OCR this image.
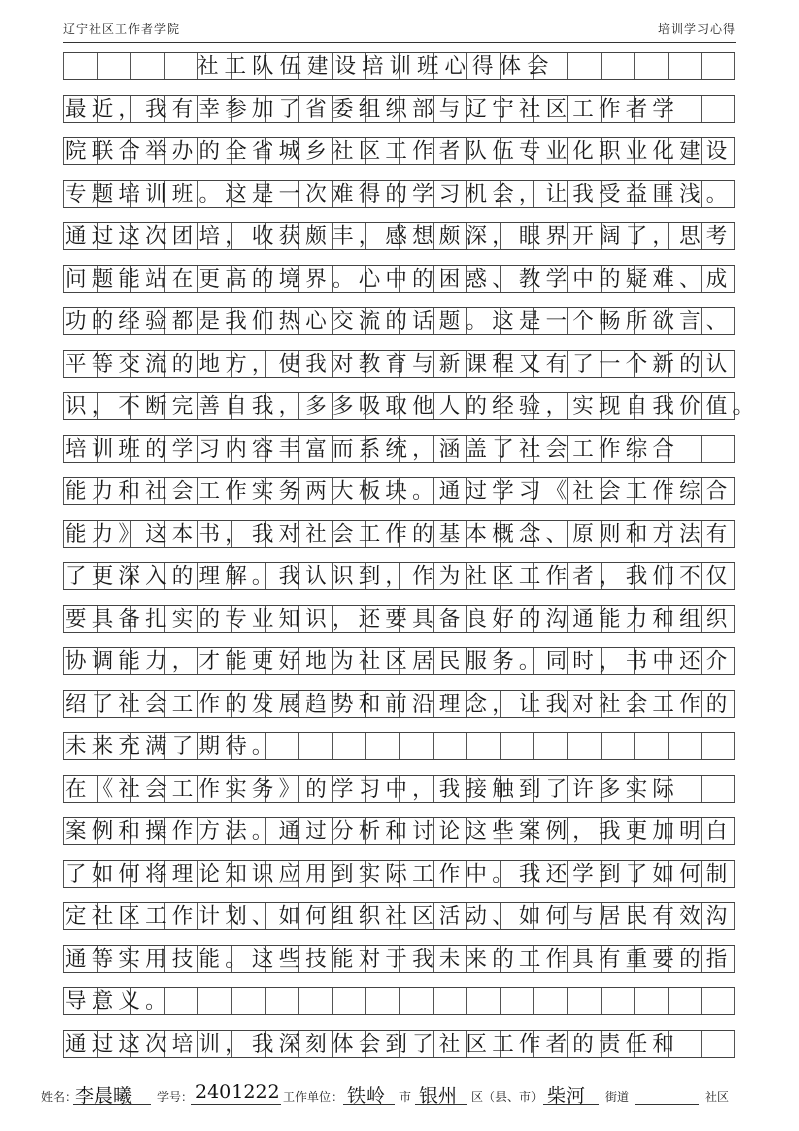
辽宁社区工作者学院	培训学习心得
社工队伍建设培训班心得体会
最近，我有幸参加了省委组织部与辽宁社区工作者学
院联合举办的全省城乡社区工作者队伍专业化职业化建设
专题培训班。这是一次难得的学习机会，让我受益匪浅。
通过这次团培，收获颇丰，感想颇深，眼界开阔了，思考
问题能站在更高的境界。心中的困惑、教学中的疑难、成
功的经验都是我们热心交流的话题。这是一个畅所欲言、
平等交流的地方，使我对教育与新课程又有了一个新的认
识，不断完善自我，多多吸取他人的经验，实现自我价值。
培训班的学习内容丰富而系统，涵盖了社会工作综合
能力和社会工作实务两大板块。通过学习《社会工作综合
能力》这本书，我对社会工作的基本概念、原则和方法有
了更深入的理解。我认识到，作为社区工作者，我们不仅
要具备扎实的专业知识，还要具备良好的沟通能力和组织
协调能力，才能更好地为社区居民服务。同时，书中还介
绍了社会工作的发展趋势和前沿理念，让我对社会工作的
未来充满了期待。
在《社会工作实务》的学习中，我接触到了许多实际
案例和操作方法。通过分析和讨论这些案例，我更加明白
了如何将理论知识应用到实际工作中。我还学到了如何制
定社区工作计划、如何组织社区活动、如何与居民有效沟
通等实用技能。这些技能对于我未来的工作具有重要的指
导意义。
通过这次培训，我深刻体会到了社区工作者的责任和
姓名：
李晨曦 学号： 2401222 工作单位： 铁岭 市 银州 区（县、市） 柴河 街道	社区
